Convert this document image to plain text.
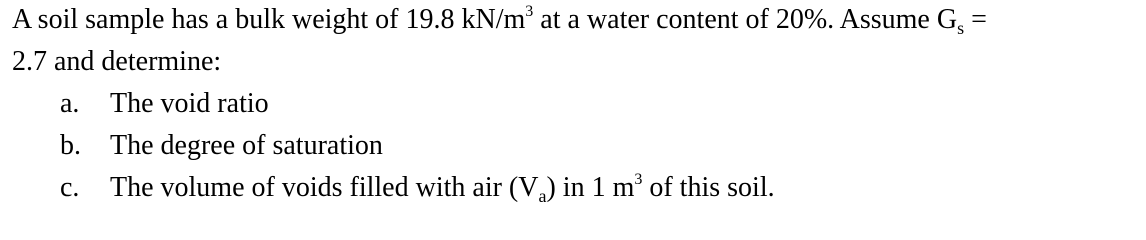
A soil sample has a bulk weight of 19.8 $kN/m^3$ at a water content of 20%. Assume $G_s$ =
2.7 and determine:
a. The void ratio
b. The degree of saturation
c. The volume of voids filled with air $(V_a)$ in 1 $m^3$ of this soil.
